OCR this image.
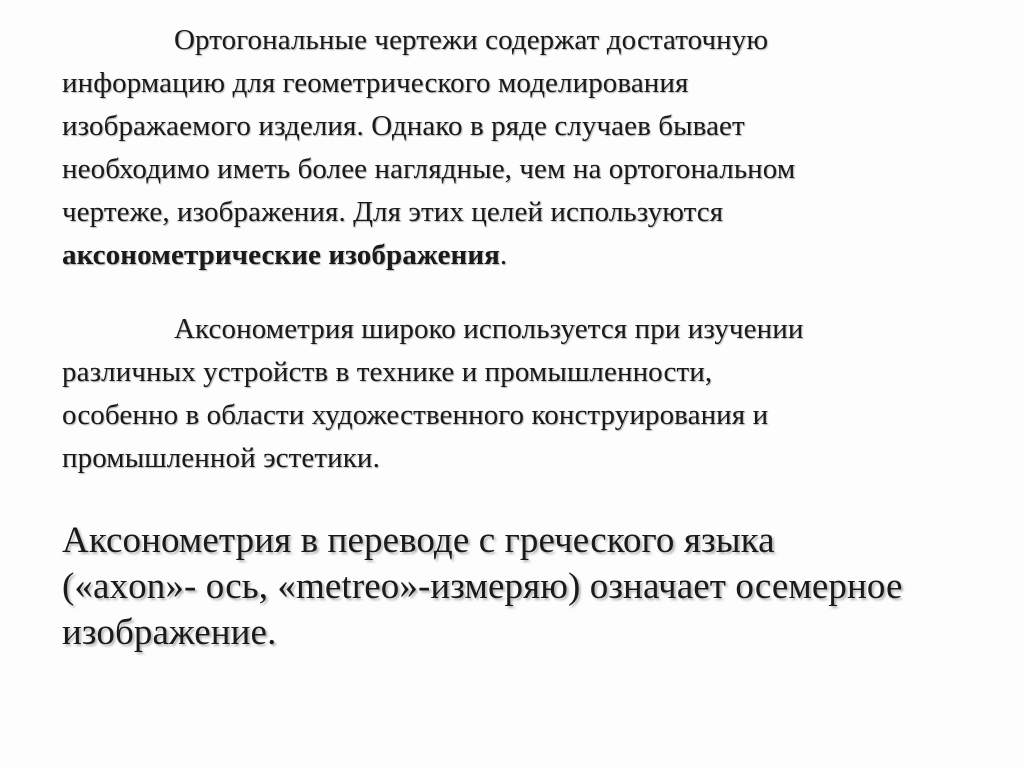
Ортогональные чертежи содержат достаточную
информацию для геометрического моделирования
изображаемого изделия. Однако в ряде случаев бывает
необходимо иметь более наглядные, чем на ортогональном
чертеже, изображения. Для этих целей используются
аксонометрические изображения.
Аксонометрия широко используется при изучении
различных устройств в технике и промышленности,
особенно в области художественного конструирования и
промышленной эстетики.
Аксонометрия в переводе с греческого языка
(«axon»- ось, «metreo»-измеряю) означает осемерное
изображение.
